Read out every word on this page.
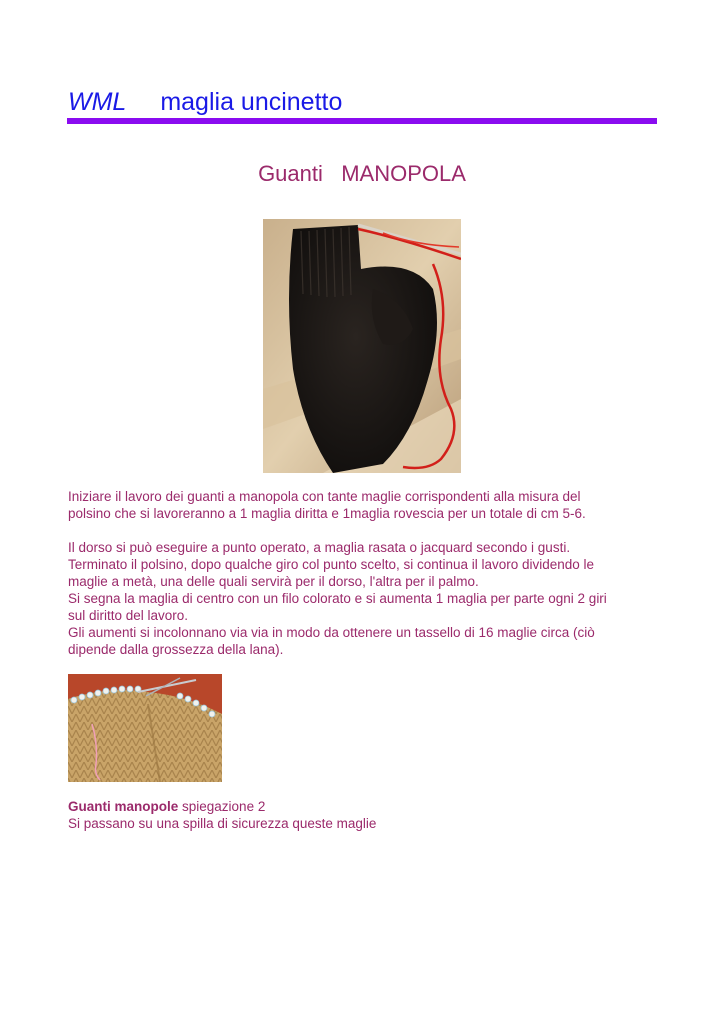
WML maglia uncinetto
Guanti   MANOPOLA

Iniziare il lavoro dei guanti a manopola con tante maglie corrispondenti alla misura del

polsino che si lavoreranno a 1 maglia diritta e 1maglia rovescia per un totale di cm 5-6.

Il dorso si può eseguire a punto operato, a maglia rasata o jacquard secondo i gusti.

Terminato il polsino, dopo qualche giro col punto scelto, si continua il lavoro dividendo le

maglie a metà, una delle quali servirà per il dorso, l'altra per il palmo.

Si segna la maglia di centro con un filo colorato e si aumenta 1 maglia per parte ogni 2 giri

sul diritto del lavoro.

Gli aumenti si incolonnano via via in modo da ottenere un tassello di 16 maglie circa (ciò

dipende dalla grossezza della lana).

Guanti manopole spiegazione 2

Si passano su una spilla di sicurezza queste maglie
